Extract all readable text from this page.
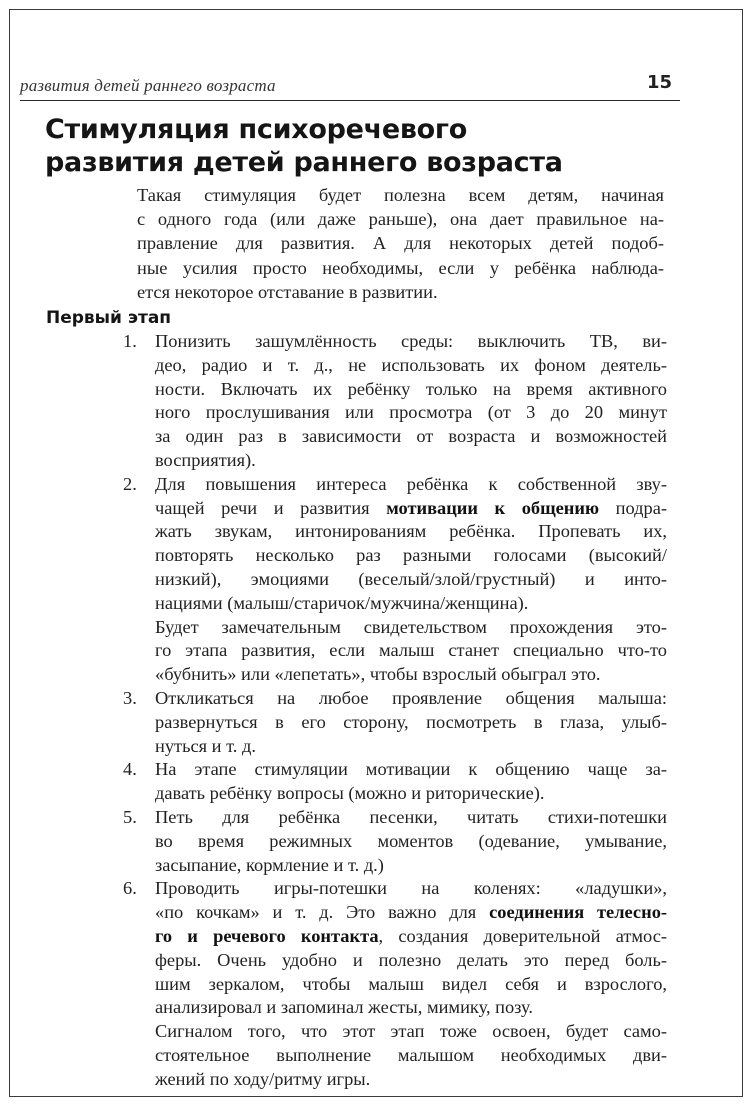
развития детей раннего возраста	15
Стимуляция психоречевого
развития детей раннего возраста

Такая стимуляция будет полезна всем детям, начиная
с одного года (или даже раньше), она дает правильное на-
правление для развития. А для некоторых детей подоб-
ные усилия просто необходимы, если у ребёнка наблюда-
ется некоторое отставание в развитии.

Первый этап
1. Понизить зашумлённость среды: выключить ТВ, ви-
део, радио и т. д., не использовать их фоном деятель-
ности. Включать их ребёнку только на время активного
ного прослушивания или просмотра (от 3 до 20 минут
за один раз в зависимости от возраста и возможностей
восприятия).
2. Для повышения интереса ребёнка к собственной зву-
чащей речи и развития мотивации к общению подра-
жать звукам, интонированиям ребёнка. Пропевать их,
повторять несколько раз разными голосами (высокий/
низкий), эмоциями (веселый/злой/грустный) и инто-
нациями (малыш/старичок/мужчина/женщина).
Будет замечательным свидетельством прохождения это-
го этапа развития, если малыш станет специально что-то
«бубнить» или «лепетать», чтобы взрослый обыграл это.
3. Откликаться на любое проявление общения малыша:
развернуться в его сторону, посмотреть в глаза, улыб-
нуться и т. д.
4. На этапе стимуляции мотивации к общению чаще за-
давать ребёнку вопросы (можно и риторические).
5. Петь для ребёнка песенки, читать стихи-потешки
во время режимных моментов (одевание, умывание,
засыпание, кормление и т. д.)
6. Проводить игры-потешки на коленях: «ладушки»,
«по кочкам» и т. д. Это важно для соединения телесно-
го и речевого контакта, создания доверительной атмос-
феры. Очень удобно и полезно делать это перед боль-
шим зеркалом, чтобы малыш видел себя и взрослого,
анализировал и запоминал жесты, мимику, позу.
Сигналом того, что этот этап тоже освоен, будет само-
стоятельное выполнение малышом необходимых дви-
жений по ходу/ритму игры.
